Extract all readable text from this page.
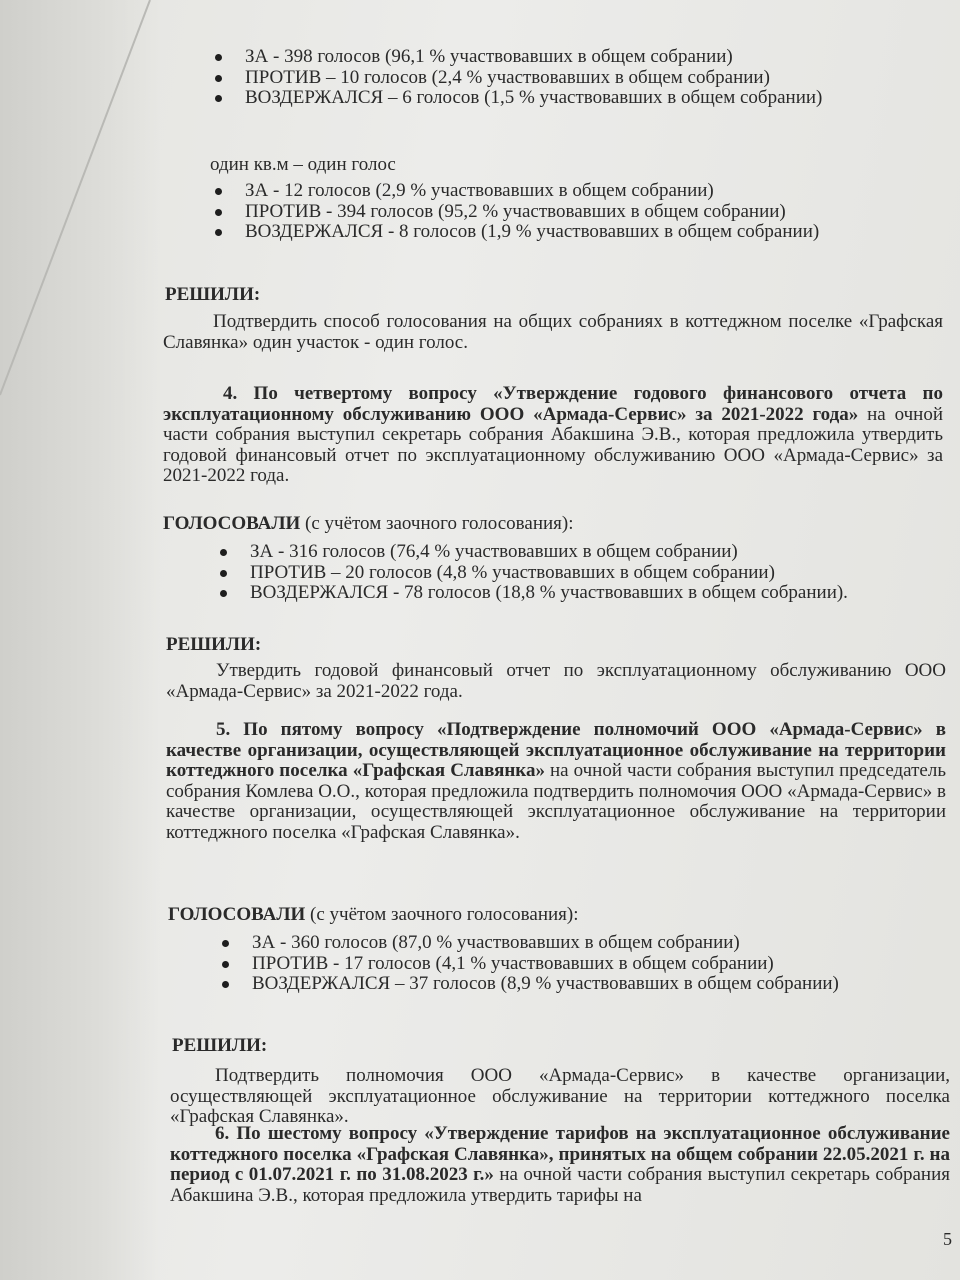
ЗА - 398 голосов (96,1 % участвовавших в общем собрании)
ПРОТИВ – 10 голосов (2,4 % участвовавших в общем собрании)
ВОЗДЕРЖАЛСЯ – 6 голосов (1,5 % участвовавших в общем собрании)
один кв.м – один голос
ЗА - 12 голосов (2,9 % участвовавших в общем собрании)
ПРОТИВ - 394 голосов (95,2 % участвовавших в общем собрании)
ВОЗДЕРЖАЛСЯ - 8 голосов (1,9 % участвовавших в общем собрании)
РЕШИЛИ:

Подтвердить способ голосования на общих собраниях в коттеджном поселке «Графская Славянка» один участок - один голос.

4. По четвертому вопросу «Утверждение годового финансового отчета по эксплуатационному обслуживанию ООО «Армада-Сервис» за 2021-2022 года» на очной части собрания выступил секретарь собрания Абакшина Э.В., которая предложила утвердить годовой финансовый отчет по эксплуатационному обслуживанию ООО «Армада-Сервис» за 2021-2022 года.

ГОЛОСОВАЛИ (с учётом заочного голосования):
ЗА - 316 голосов (76,4 % участвовавших в общем собрании)
ПРОТИВ – 20 голосов (4,8 % участвовавших в общем собрании)
ВОЗДЕРЖАЛСЯ - 78 голосов (18,8 % участвовавших в общем собрании).
РЕШИЛИ:

Утвердить годовой финансовый отчет по эксплуатационному обслуживанию ООО «Армада-Сервис» за 2021-2022 года.

5. По пятому вопросу «Подтверждение полномочий ООО «Армада-Сервис» в качестве организации, осуществляющей эксплуатационное обслуживание на территории коттеджного поселка «Графская Славянка» на очной части собрания выступил председатель собрания Комлева О.О., которая предложила подтвердить полномочия ООО «Армада-Сервис» в качестве организации, осуществляющей эксплуатационное обслуживание на территории коттеджного поселка «Графская Славянка».

ГОЛОСОВАЛИ (с учётом заочного голосования):
ЗА - 360 голосов (87,0 % участвовавших в общем собрании)
ПРОТИВ - 17 голосов (4,1 % участвовавших в общем собрании)
ВОЗДЕРЖАЛСЯ – 37 голосов (8,9 % участвовавших в общем собрании)
РЕШИЛИ:

Подтвердить полномочия ООО «Армада-Сервис» в качестве организации, осуществляющей эксплуатационное обслуживание на территории коттеджного поселка «Графская Славянка».

6. По шестому вопросу «Утверждение тарифов на эксплуатационное обслуживание коттеджного поселка «Графская Славянка», принятых на общем собрании 22.05.2021 г. на период с 01.07.2021 г. по 31.08.2023 г.» на очной части собрания выступил секретарь собрания Абакшина Э.В., которая предложила утвердить тарифы на

5
